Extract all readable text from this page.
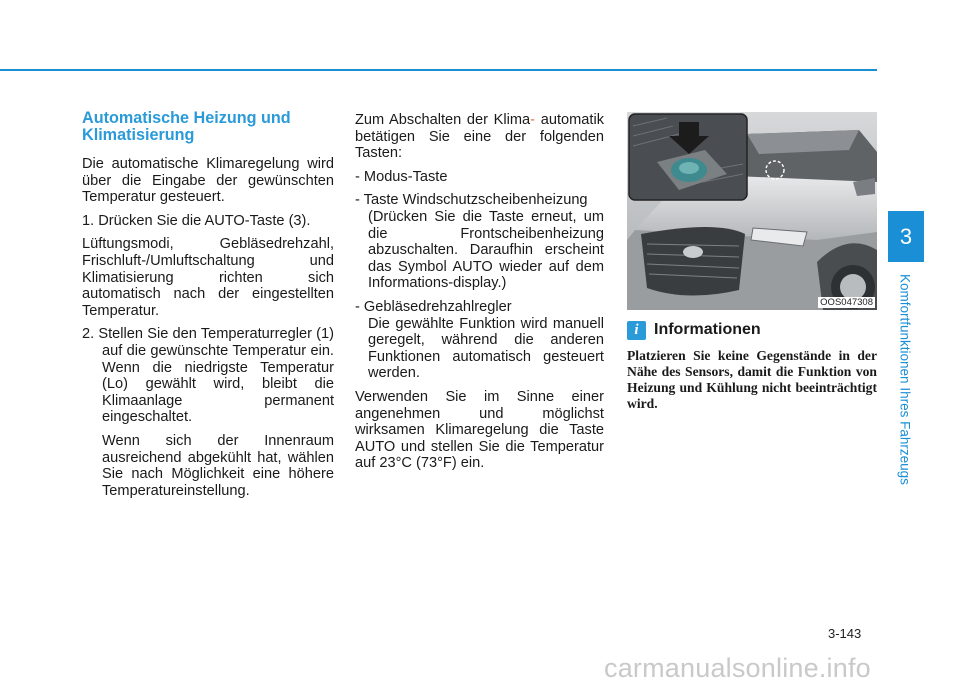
Automatische Heizung und Klimatisierung

Die automatische Klimaregelung wird über die Eingabe der gewünschten Temperatur gesteuert.

1. Drücken Sie die AUTO-Taste (3).

Lüftungsmodi, Gebläsedrehzahl, Frischluft-/Umluftschaltung und Klimatisierung richten sich automatisch nach der eingestellten Temperatur.

2. Stellen Sie den Temperaturregler (1) auf die gewünschte Temperatur ein. Wenn die niedrigste Temperatur (Lo) gewählt wird, bleibt die Klimaanlage permanent eingeschaltet.

Wenn sich der Innenraum ausreichend abgekühlt hat, wählen Sie nach Möglichkeit eine höhere Temperatureinstellung.

Zum Abschalten der Klima- automatik betätigen Sie eine der folgenden Tasten:

- Modus-Taste

- Taste Windschutzscheibenheizung

(Drücken Sie die Taste erneut, um die Frontscheibenheizung abzuschalten. Daraufhin erscheint das Symbol AUTO wieder auf dem Informations-display.)

- Gebläsedrehzahlregler

Die gewählte Funktion wird manuell geregelt, während die anderen Funktionen automatisch gesteuert werden.

Verwenden Sie im Sinne einer angenehmen und möglichst wirksamen Klimaregelung die Taste AUTO und stellen Sie die Temperatur auf 23°C (73°F) ein.

OOS047308
i Informationen

Platzieren Sie keine Gegenstände in der Nähe des Sensors, damit die Funktion von Heizung und Kühlung nicht beeinträchtigt wird.

3
Komfortfunktionen Ihres Fahrzeugs
3-143
carmanualsonline.info
